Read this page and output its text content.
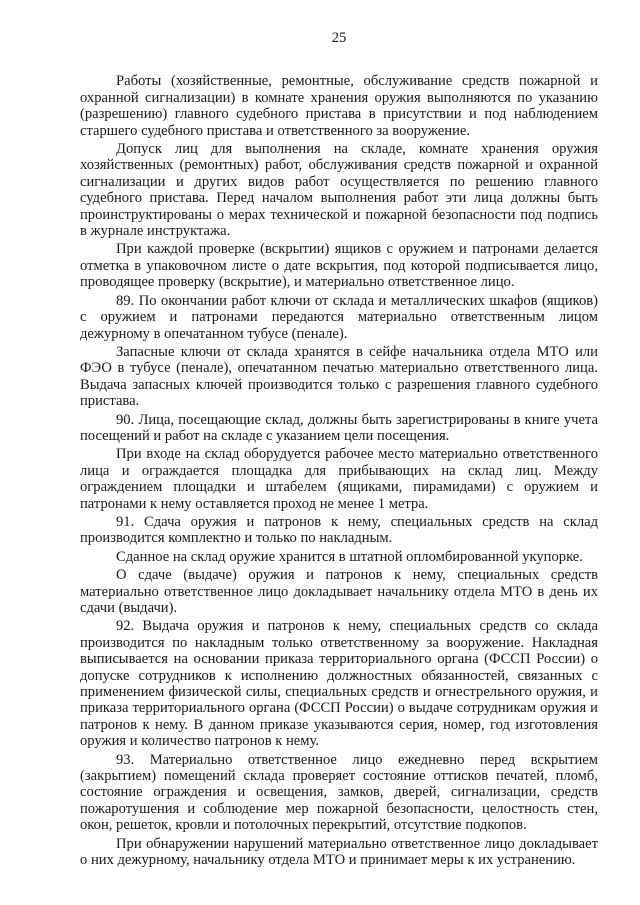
25

Работы (хозяйственные, ремонтные, обслуживание средств пожарной и охранной сигнализации) в комнате хранения оружия выполняются по указанию (разрешению) главного судебного пристава в присутствии и под наблюдением старшего судебного пристава и ответственного за вооружение.

Допуск лиц для выполнения на складе, комнате хранения оружия хозяйственных (ремонтных) работ, обслуживания средств пожарной и охранной сигнализации и других видов работ осуществляется по решению главного судебного пристава. Перед началом выполнения работ эти лица должны быть проинструктированы о мерах технической и пожарной безопасности под подпись в журнале инструктажа.

При каждой проверке (вскрытии) ящиков с оружием и патронами делается отметка в упаковочном листе о дате вскрытия, под которой подписывается лицо, проводящее проверку (вскрытие), и материально ответственное лицо.

89. По окончании работ ключи от склада и металлических шкафов (ящиков) с оружием и патронами передаются материально ответственным лицом дежурному в опечатанном тубусе (пенале).

Запасные ключи от склада хранятся в сейфе начальника отдела МТО или ФЭО в тубусе (пенале), опечатанном печатью материально ответственного лица. Выдача запасных ключей производится только с разрешения главного судебного пристава.

90. Лица, посещающие склад, должны быть зарегистрированы в книге учета посещений и работ на складе с указанием цели посещения.

При входе на склад оборудуется рабочее место материально ответственного лица и ограждается площадка для прибывающих на склад лиц. Между ограждением площадки и штабелем (ящиками, пирамидами) с оружием и патронами к нему оставляется проход не менее 1 метра.

91. Сдача оружия и патронов к нему, специальных средств на склад производится комплектно и только по накладным.

Сданное на склад оружие хранится в штатной опломбированной укупорке.

О сдаче (выдаче) оружия и патронов к нему, специальных средств материально ответственное лицо докладывает начальнику отдела МТО в день их сдачи (выдачи).

92. Выдача оружия и патронов к нему, специальных средств со склада производится по накладным только ответственному за вооружение. Накладная выписывается на основании приказа территориального органа (ФССП России) о допуске сотрудников к исполнению должностных обязанностей, связанных с применением физической силы, специальных средств и огнестрельного оружия, и приказа территориального органа (ФССП России) о выдаче сотрудникам оружия и патронов к нему. В данном приказе указываются серия, номер, год изготовления оружия и количество патронов к нему.

93. Материально ответственное лицо ежедневно перед вскрытием (закрытием) помещений склада проверяет состояние оттисков печатей, пломб, состояние ограждения и освещения, замков, дверей, сигнализации, средств пожаротушения и соблюдение мер пожарной безопасности, целостность стен, окон, решеток, кровли и потолочных перекрытий, отсутствие подкопов.

При обнаружении нарушений материально ответственное лицо докладывает о них дежурному, начальнику отдела МТО и принимает меры к их устранению.
